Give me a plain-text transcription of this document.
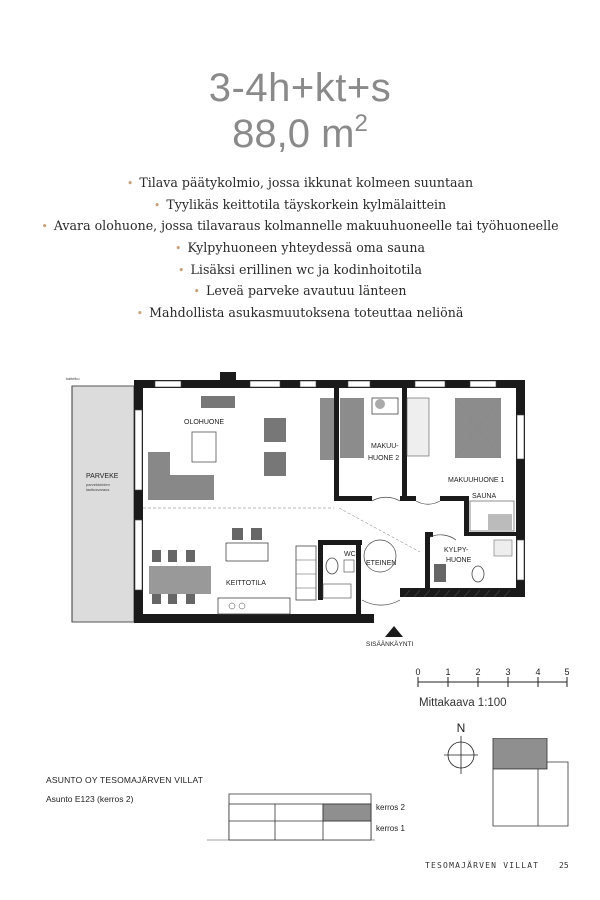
3-4h+kt+s
88,0 $m^2$
• Tilava päätykolmio, jossa ikkunat kolmeen suuntaan
• Tyylikäs keittotila täyskorkein kylmälaittein
• Avara olohuone, jossa tilavaraus kolmannelle makuuhuoneelle tai työhuoneelle
• Kylpyhuoneen yhteydessä oma sauna
• Lisäksi erillinen wc ja kodinhoitotila
• Leveä parveke avautuu länteen
• Mahdollista asukasmuutoksena toteuttaa neliönä
kaiteiko
OLOHUONE
PARVEKE
MAKUU-
HUONE 2
MAKUUHUONE 1
SAUNA
KYLPY-
HUONE
WC
ETEINEN
KEITTOTILA
parvekkeiden
lasitusvaraus
SISÄÄNKÄYNTI
0	1	2	3	4	5
Mittakaava 1:100
N
ASUNTO OY TESOMAJÄRVEN VILLAT
Asunto E123 (kerros 2)
kerros 2
kerros 1
TESOMAJÄRVEN VILLAT 25
